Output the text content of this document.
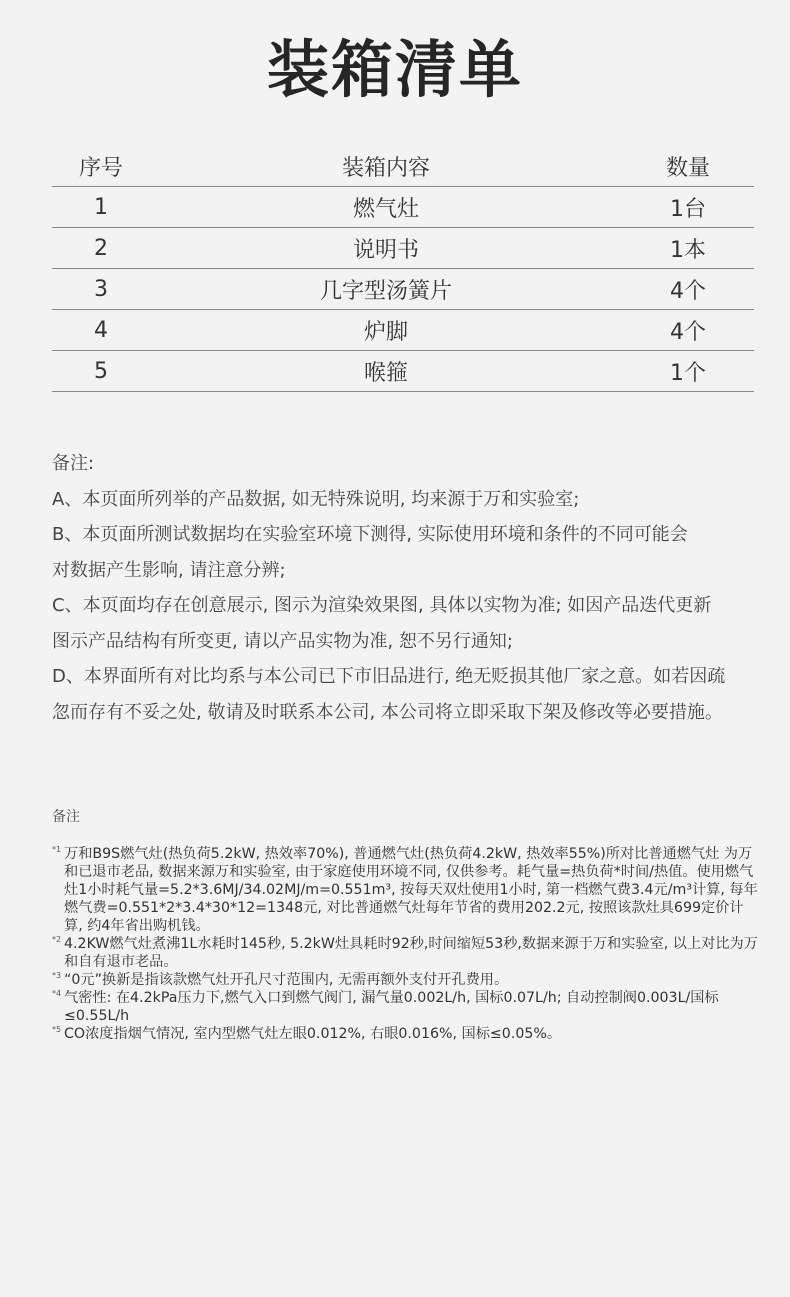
装箱清单
序号	装箱内容	数量
1	燃气灶	1台
2	说明书	1本
3	几字型汤簧片	4个
4	炉脚	4个
5	喉箍	1个

备注:

A、本页面所列举的产品数据, 如无特殊说明, 均来源于万和实验室;

B、本页面所测试数据均在实验室环境下测得, 实际使用环境和条件的不同可能会

对数据产生影响, 请注意分辨;

C、本页面均存在创意展示, 图示为渲染效果图, 具体以实物为准; 如因产品迭代更新

图示产品结构有所变更, 请以产品实物为准, 恕不另行通知;

D、本界面所有对比均系与本公司已下市旧品进行, 绝无贬损其他厂家之意。如若因疏

忽而存有不妥之处, 敬请及时联系本公司, 本公司将立即采取下架及修改等必要措施。

备注
*1 万和B9S燃气灶(热负荷5.2kW, 热效率70%), 普通燃气灶(热负荷4.2kW, 热效率55%)所对比普通燃气灶 为万和已退市老品, 数据来源万和实验室, 由于家庭使用环境不同, 仅供参考。耗气量=热负荷*时间/热值。使用燃气灶1小时耗气量=5.2*3.6MJ/34.02MJ/m=0.551m³, 按每天双灶使用1小时, 第一档燃气费3.4元/m³计算, 每年燃气费=0.551*2*3.4*30*12=1348元, 对比普通燃气灶每年节省的费用202.2元, 按照该款灶具699定价计算, 约4年省出购机钱。
*2 4.2KW燃气灶煮沸1L水耗时145秒, 5.2kW灶具耗时92秒,时间缩短53秒,数据来源于万和实验室, 以上对比为万和自有退市老品。
*3 “0元”换新是指该款燃气灶开孔尺寸范围内, 无需再额外支付开孔费用。
*4 气密性: 在4.2kPa压力下,燃气入口到燃气阀门, 漏气量0.002L/h, 国标0.07L/h; 自动控制阀0.003L/国标≤0.55L/h
*5 CO浓度指烟气情况, 室内型燃气灶左眼0.012%, 右眼0.016%, 国标≤0.05%。
